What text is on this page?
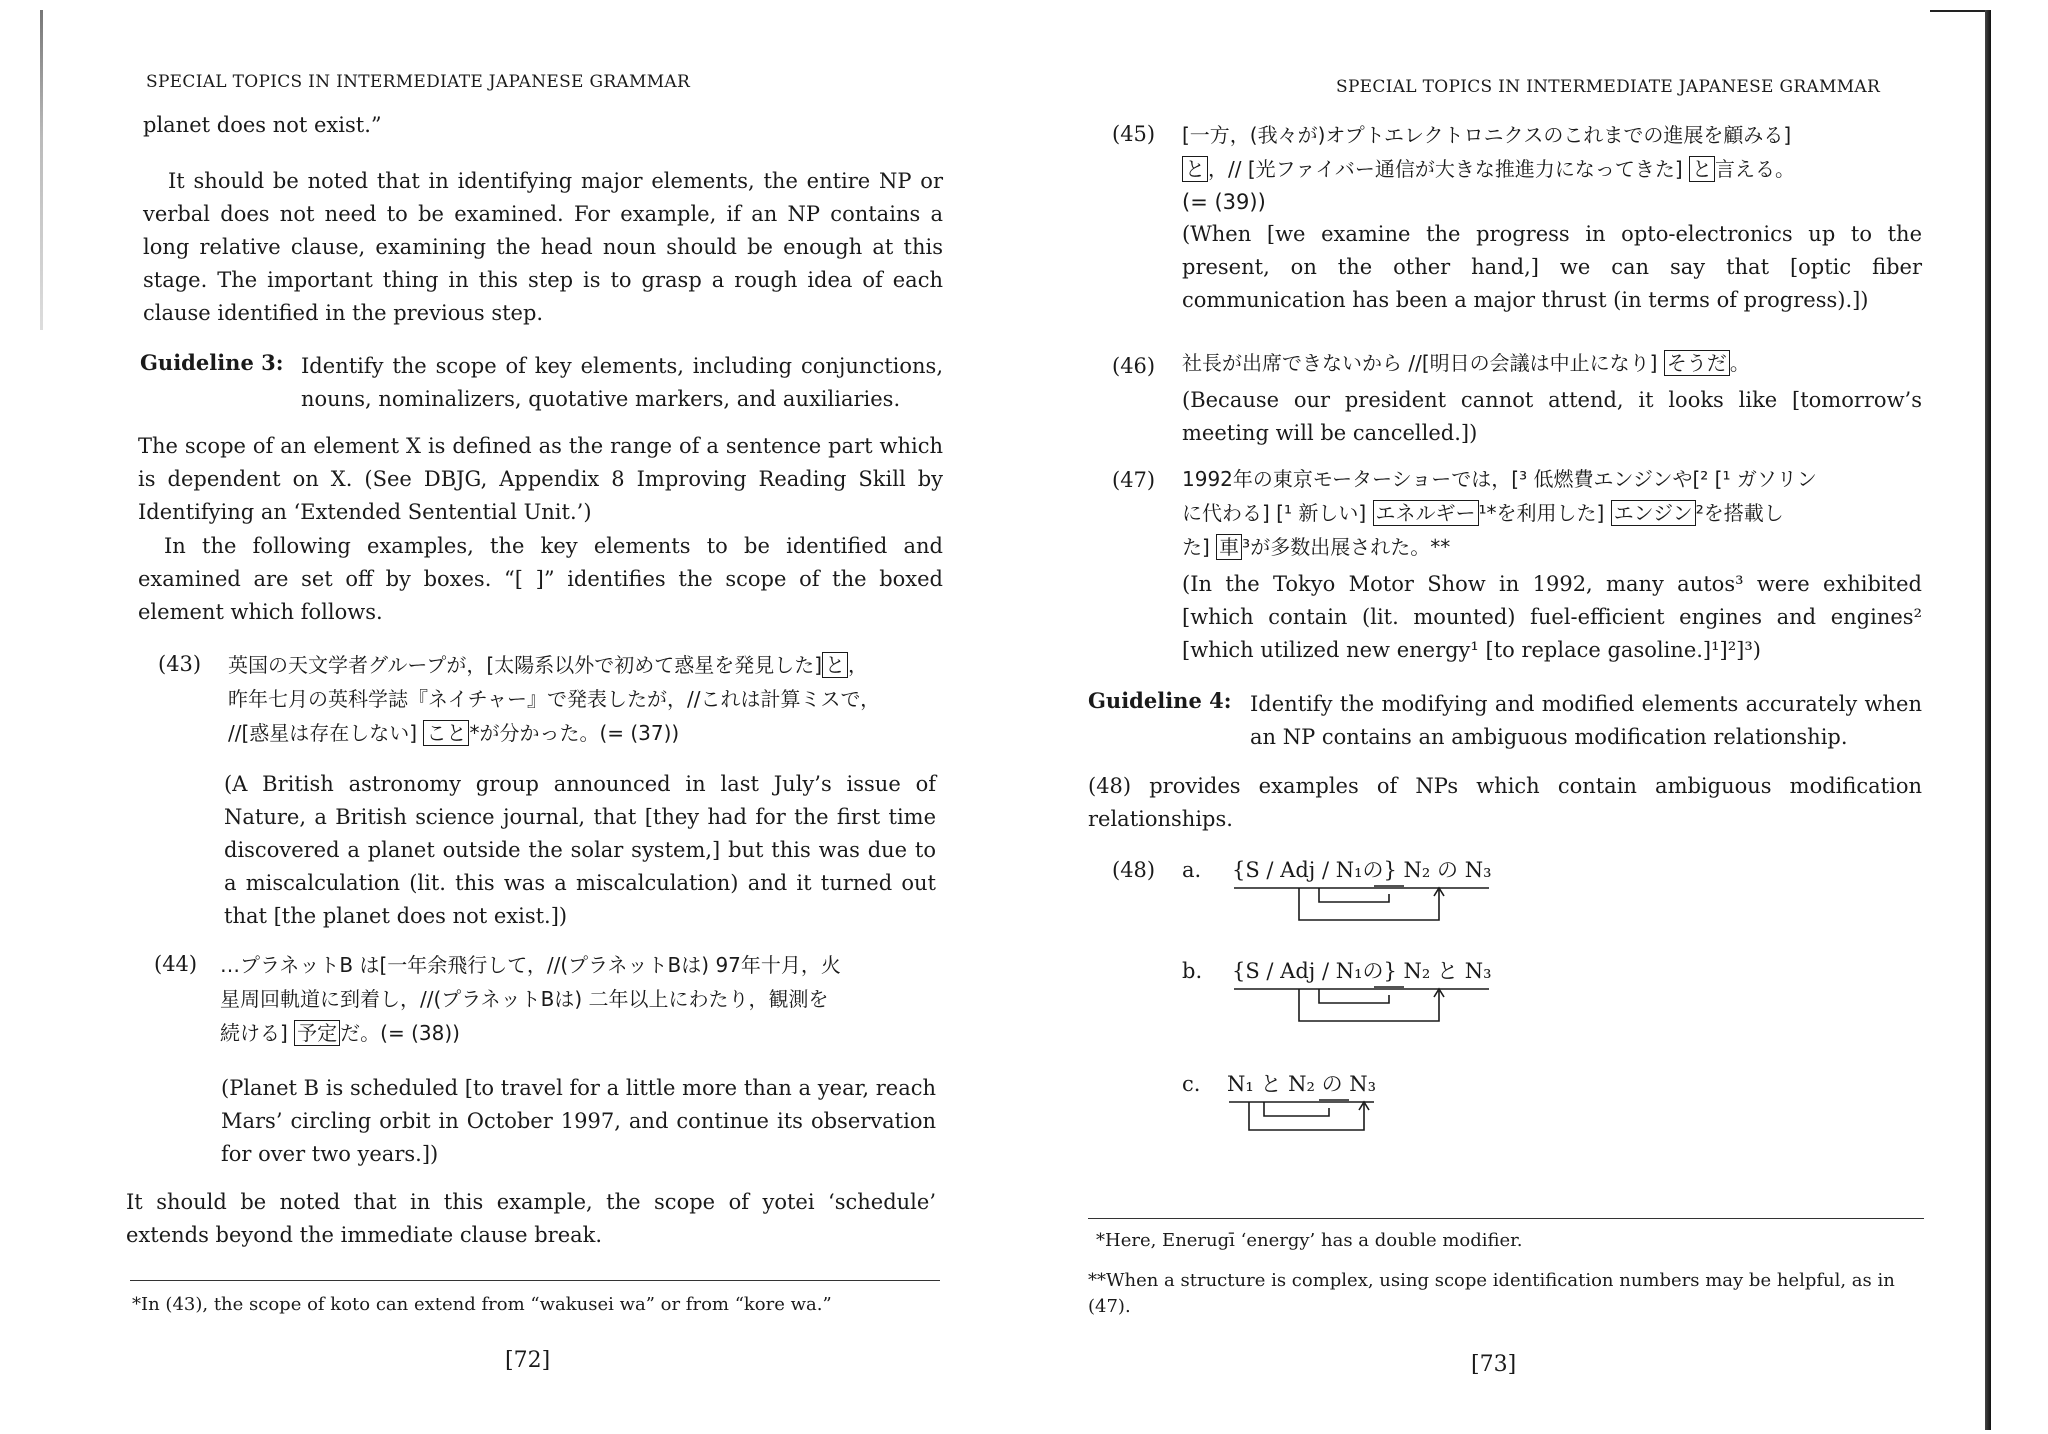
SPECIAL TOPICS IN INTERMEDIATE JAPANESE GRAMMAR
planet does not exist.”
It should be noted that in identifying major elements, the entire NP or verbal does not need to be examined. For example, if an NP contains a long relative clause, examining the head noun should be enough at this stage. The important thing in this step is to grasp a rough idea of each clause identified in the previous step.
Guideline 3: Identify the scope of key elements, including conjunctions, nouns, nominalizers, quotative markers, and auxiliaries.
The scope of an element X is defined as the range of a sentence part which is dependent on X. (See DBJG, Appendix 8 Improving Reading Skill by Identifying an ‘Extended Sentential Unit.’)
In the following examples, the key elements to be identified and examined are set off by boxes. “[ ]” identifies the scope of the boxed element which follows.
(43) 英国の天文学者グループが，[太陽系以外で初めて惑星を発見した] と ，
昨年七月の英科学誌『ネイチャー』で発表したが，//これは計算ミスで，
//[惑星は存在しない] こと *が分かった。(= (37))
(A British astronomy group announced in last July’s issue of Nature, a British science journal, that [they had for the first time discovered a planet outside the solar system,] but this was due to a miscalculation (lit. this was a miscalculation) and it turned out that [the planet does not exist.])
(44) …プラネットB は[一年余飛行して，//(プラネットBは) 97年十月，火
星周回軌道に到着し，//(プラネットBは) 二年以上にわたり，観測を
続ける] 予定 だ。(= (38))
(Planet B is scheduled [to travel for a little more than a year, reach Mars’ circling orbit in October 1997, and continue its observation for over two years.])
It should be noted that in this example, the scope of yotei ‘schedule’ extends beyond the immediate clause break.
*In (43), the scope of koto can extend from “wakusei wa” or from “kore wa.”
[72]
SPECIAL TOPICS IN INTERMEDIATE JAPANESE GRAMMAR
(45) [一方，(我々が)オプトエレクトロニクスのこれまでの進展を顧みる]
と ，// [光ファイバー通信が大きな推進力になってきた] と 言える。
(= (39))
(When [we examine the progress in opto-electronics up to the present, on the other hand,] we can say that [optic fiber communication has been a major thrust (in terms of progress).])
(46) 社長が出席できないから //[明日の会議は中止になり] そうだ 。
(Because our president cannot attend, it looks like [tomorrow’s meeting will be cancelled.])
(47) 1992年の東京モーターショーでは，[³ 低燃費エンジンや[² [¹ ガソリン
に代わる] [¹ 新しい] エネルギー ¹*を利用した] エンジン ²を搭載し
た] 車 ³が多数出展された。**
(In the Tokyo Motor Show in 1992, many autos³ were exhibited [which contain (lit. mounted) fuel-efficient engines and engines² [which utilized new energy¹ [to replace gasoline.]¹]²]³)
Guideline 4: Identify the modifying and modified elements accurately when an NP contains an ambiguous modification relationship.
(48) provides examples of NPs which contain ambiguous modification relationships.
(48) a. {S / Adj / N₁の} N₂ の N₃
b. {S / Adj / N₁の} N₂ と N₃
c. N₁ と N₂ の N₃
*Here, Enerugī ‘energy’ has a double modifier.
**When a structure is complex, using scope identification numbers may be helpful, as in (47).
[73]
